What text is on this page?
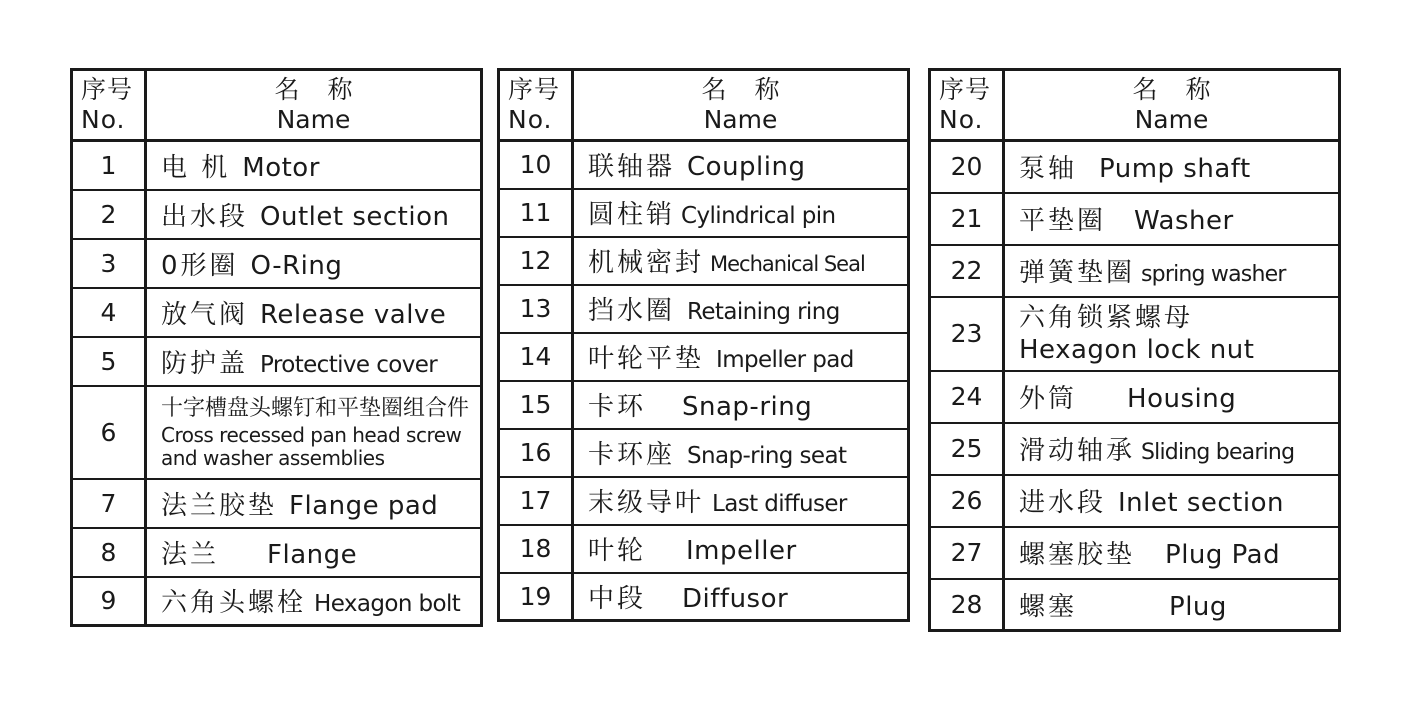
序号
No.	名 称
Name

1	电 机 Motor
2	出水段 Outlet section
3	0形圈 O-Ring
4	放气阀 Release valve
5	防护盖 Protective cover
6	十字槽盘头螺钉和平垫圈组合件
Cross recessed pan head screw
and washer assemblies

7	法兰胶垫 Flange pad
8	法兰 Flange
9	六角头螺栓 Hexagon bolt
序号
No.	名 称
Name

10	联轴器 Coupling
11	圆柱销 Cylindrical pin
12	机械密封 Mechanical Seal
13	挡水圈 Retaining ring
14	叶轮平垫 Impeller pad
15	卡环 Snap-ring
16	卡环座 Snap-ring seat
17	末级导叶 Last diffuser
18	叶轮 Impeller
19	中段 Diffusor
序号
No.	名 称
Name

20	泵轴 Pump shaft
21	平垫圈 Washer
22	弹簧垫圈 spring washer
23	六角锁紧螺母
Hexagon lock nut

24	外筒 Housing
25	滑动轴承 Sliding bearing
26	进水段 Inlet section
27	螺塞胶垫 Plug Pad
28	螺塞 Plug
